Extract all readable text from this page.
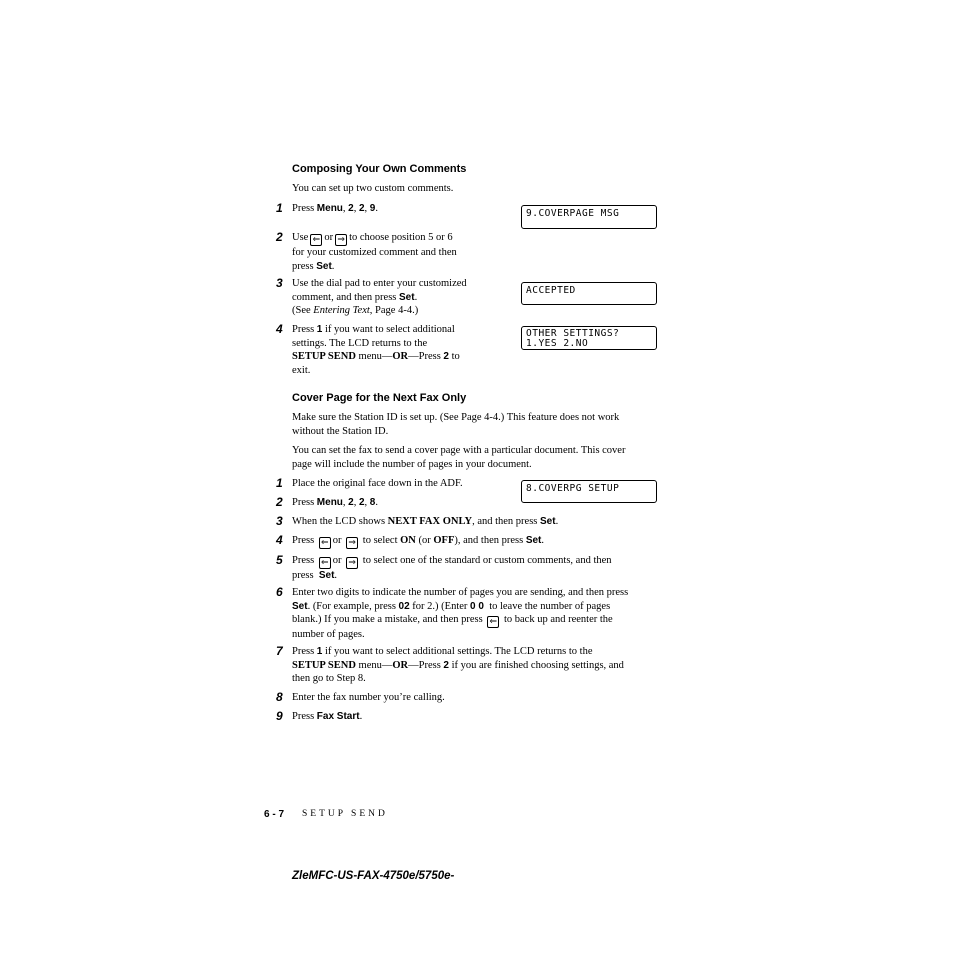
Composing Your Own Comments
You can set up two custom comments.
1 Press Menu, 2, 2, 9.	9.COVERPAGE MSG
2 Use ⇐ or ⇒ to choose position 5 or 6
for your customized comment and then
press Set.
3 Use the dial pad to enter your customized
comment, and then press Set.
(See Entering Text, Page 4-4.)
ACCEPTED
4 Press 1 if you want to select additional
settings. The LCD returns to the
SETUP SEND menu—OR—Press 2 to
exit.
OTHER SETTINGS?
1.YES 2.NO
Cover Page for the Next Fax Only
Make sure the Station ID is set up. (See Page 4-4.) This feature does not work
without the Station ID.
You can set the fax to send a cover page with a particular document. This cover
page will include the number of pages in your document.
1 Place the original face down in the ADF.	8.COVERPG SETUP
2 Press Menu, 2, 2, 8.
3 When the LCD shows NEXT FAX ONLY, and then press Set.
4 Press ⇐ or ⇒ to select ON (or OFF), and then press Set.
5 Press ⇐ or ⇒ to select one of the standard or custom comments, and then
press Set.
6 Enter two digits to indicate the number of pages you are sending, and then press
Set. (For example, press 02 for 2.) (Enter 0 0 to leave the number of pages
blank.) If you make a mistake, and then press ⇐ to back up and reenter the
number of pages.
7 Press 1 if you want to select additional settings. The LCD returns to the
SETUP SEND menu—OR—Press 2 if you are finished choosing settings, and
then go to Step 8.
8 Enter the fax number you’re calling.
9 Press Fax Start.
6 - 7 SETUP SEND
ZleMFC-US-FAX-4750e/5750e-
